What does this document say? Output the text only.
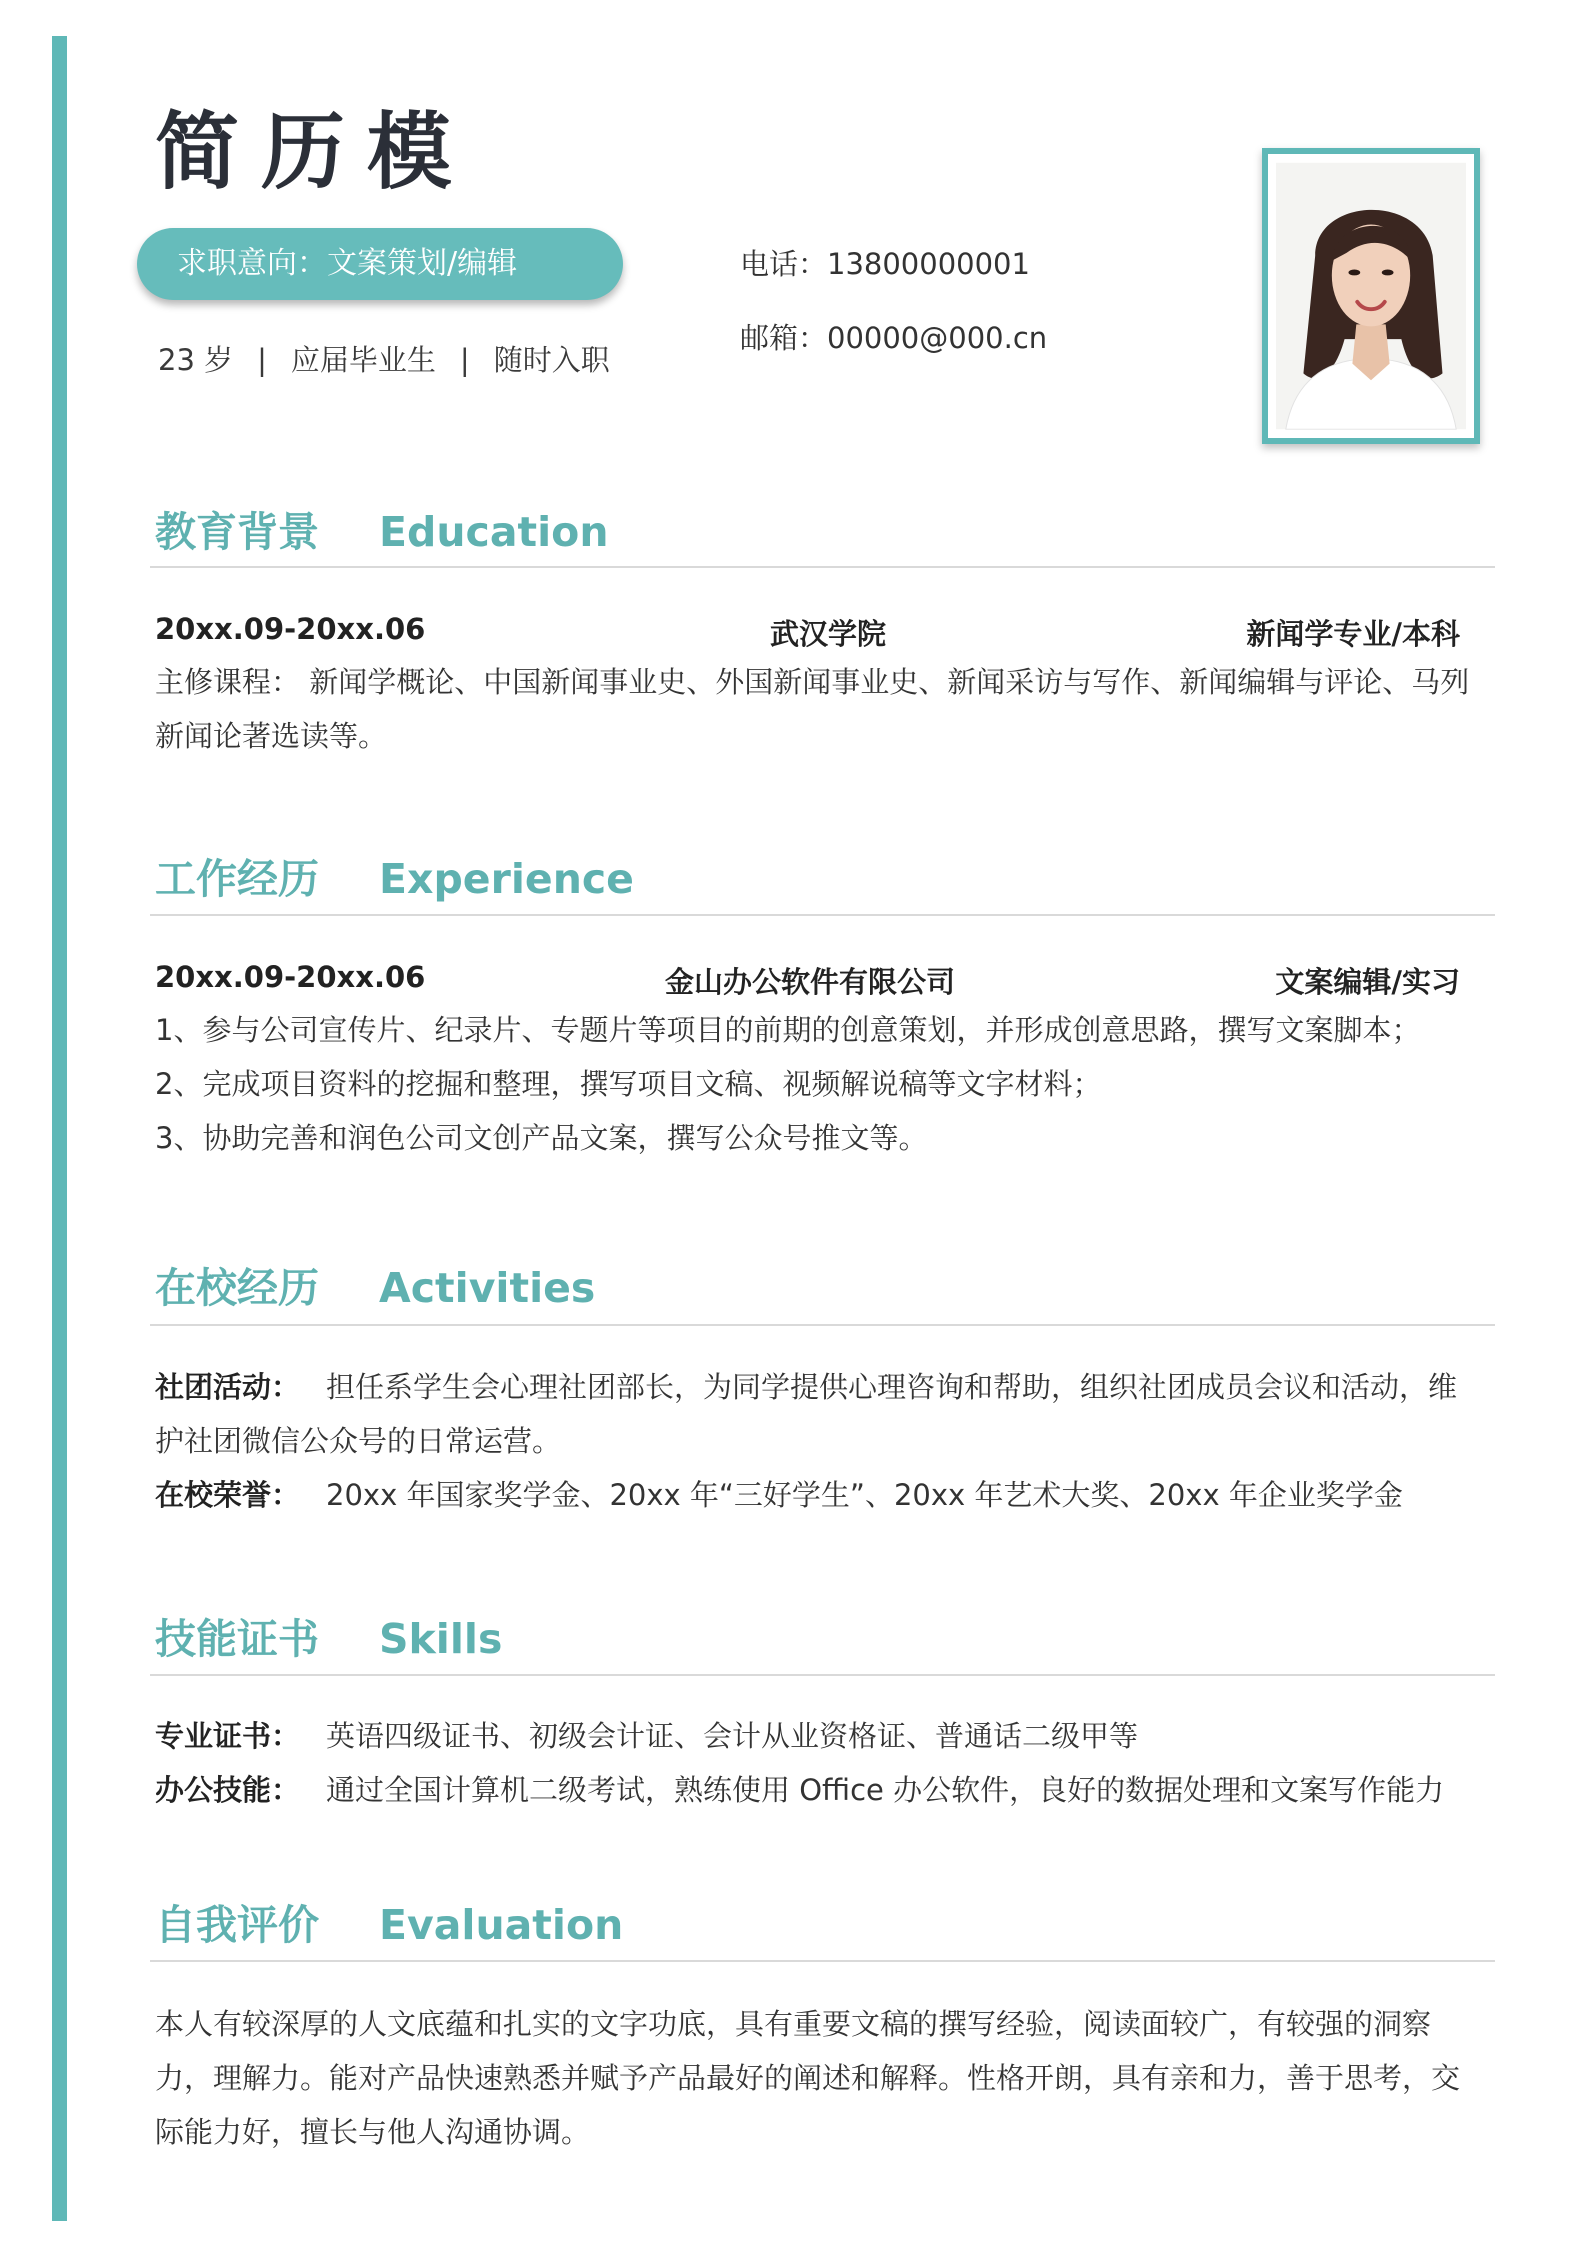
简历模
求职意向：文案策划/编辑
23 岁 | 应届毕业生 | 随时入职
电话：13800000001
邮箱：00000@000.cn
教育背景 Education
20xx.09-20xx.06	武汉学院	新闻学专业/本科
主修课程： 新闻学概论、中国新闻事业史、外国新闻事业史、新闻采访与写作、新闻编辑与评论、马列新闻论著选读等。
工作经历 Experience
20xx.09-20xx.06	金山办公软件有限公司	文案编辑/实习
1、参与公司宣传片、纪录片、专题片等项目的前期的创意策划，并形成创意思路，撰写文案脚本；
2、完成项目资料的挖掘和整理，撰写项目文稿、视频解说稿等文字材料；
3、协助完善和润色公司文创产品文案，撰写公众号推文等。
在校经历 Activities
社团活动： 担任系学生会心理社团部长，为同学提供心理咨询和帮助，组织社团成员会议和活动，维护社团微信公众号的日常运营。
在校荣誉： 20xx 年国家奖学金、20xx 年“三好学生”、20xx 年艺术大奖、20xx 年企业奖学金
技能证书 Skills
专业证书： 英语四级证书、初级会计证、会计从业资格证、普通话二级甲等
办公技能： 通过全国计算机二级考试，熟练使用 Office 办公软件，良好的数据处理和文案写作能力
自我评价 Evaluation
本人有较深厚的人文底蕴和扎实的文字功底，具有重要文稿的撰写经验，阅读面较广，有较强的洞察力，理解力。能对产品快速熟悉并赋予产品最好的阐述和解释。性格开朗，具有亲和力，善于思考，交际能力好，擅长与他人沟通协调。
